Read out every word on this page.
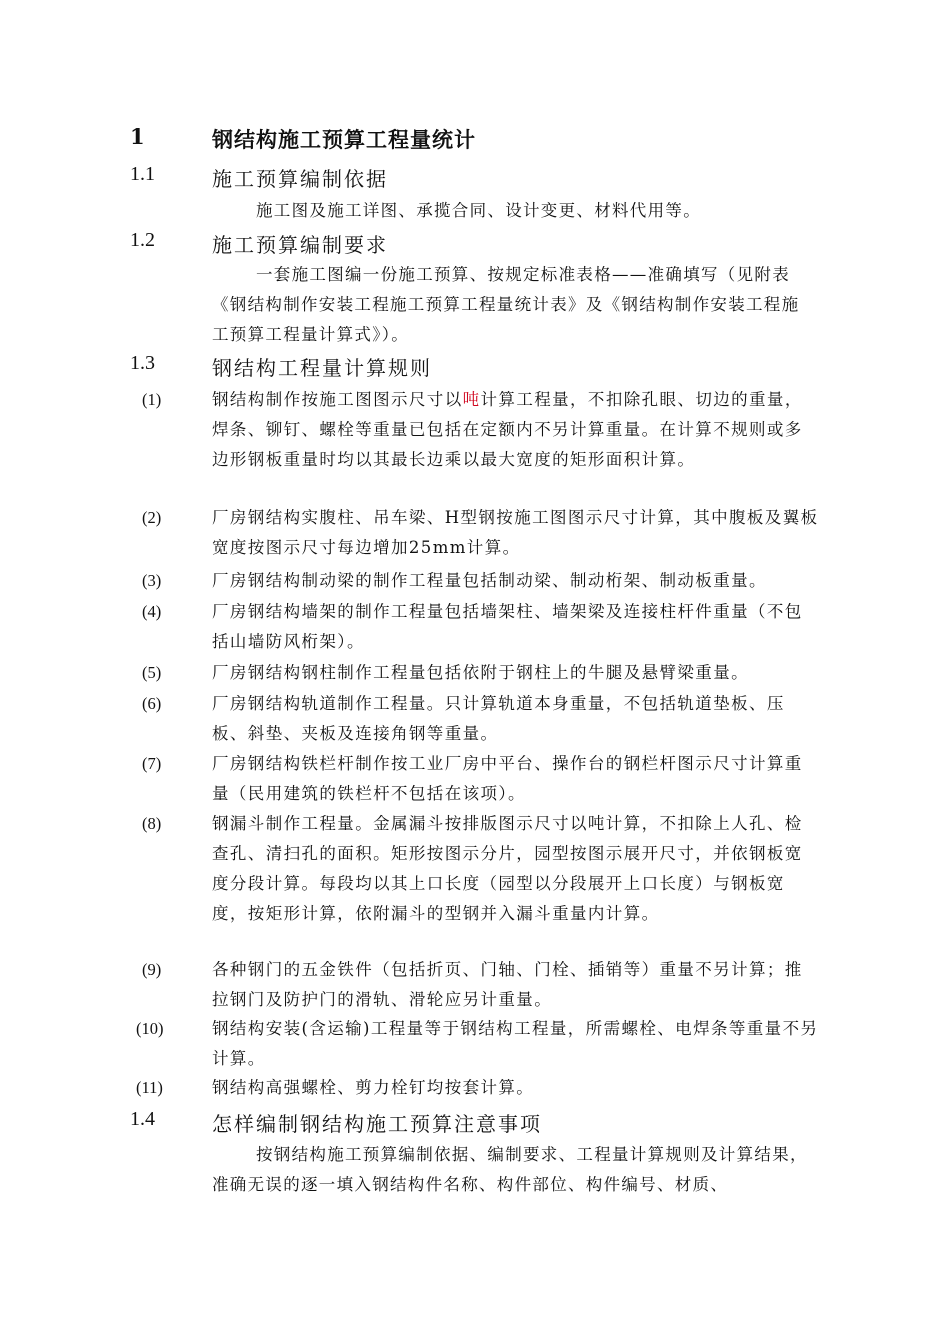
1	钢结构施工预算工程量统计
1.1	施工预算编制依据
施工图及施工详图、承揽合同、设计变更、材料代用等。
1.2	施工预算编制要求
一套施工图编一份施工预算、按规定标准表格——准确填写（见附表《钢结构制作安装工程施工预算工程量统计表》及《钢结构制作安装工程施工预算工程量计算式》）。
1.3	钢结构工程量计算规则
(1)	钢结构制作按施工图图示尺寸以吨计算工程量，不扣除孔眼、切边的重量，焊条、铆钉、螺栓等重量已包括在定额内不另计算重量。在计算不规则或多边形钢板重量时均以其最长边乘以最大宽度的矩形面积计算。
(2)	厂房钢结构实腹柱、吊车梁、H型钢按施工图图示尺寸计算，其中腹板及翼板宽度按图示尺寸每边增加25mm计算。
(3)	厂房钢结构制动梁的制作工程量包括制动梁、制动桁架、制动板重量。
(4)	厂房钢结构墙架的制作工程量包括墙架柱、墙架梁及连接柱杆件重量（不包括山墙防风桁架）。
(5)	厂房钢结构钢柱制作工程量包括依附于钢柱上的牛腿及悬臂梁重量。
(6)	厂房钢结构轨道制作工程量。只计算轨道本身重量，不包括轨道垫板、压板、斜垫、夹板及连接角钢等重量。
(7)	厂房钢结构铁栏杆制作按工业厂房中平台、操作台的钢栏杆图示尺寸计算重量（民用建筑的铁栏杆不包括在该项）。
(8)	钢漏斗制作工程量。金属漏斗按排版图示尺寸以吨计算，不扣除上人孔、检查孔、清扫孔的面积。矩形按图示分片，园型按图示展开尺寸，并依钢板宽度分段计算。每段均以其上口长度（园型以分段展开上口长度）与钢板宽度，按矩形计算，依附漏斗的型钢并入漏斗重量内计算。
(9)	各种钢门的五金铁件（包括折页、门轴、门栓、插销等）重量不另计算；推拉钢门及防护门的滑轨、滑轮应另计重量。
(10)	钢结构安装(含运输)工程量等于钢结构工程量，所需螺栓、电焊条等重量不另计算。
(11)	钢结构高强螺栓、剪力栓钉均按套计算。
1.4	怎样编制钢结构施工预算注意事项
按钢结构施工预算编制依据、编制要求、工程量计算规则及计算结果，准确无误的逐一填入钢结构件名称、构件部位、构件编号、材质、
